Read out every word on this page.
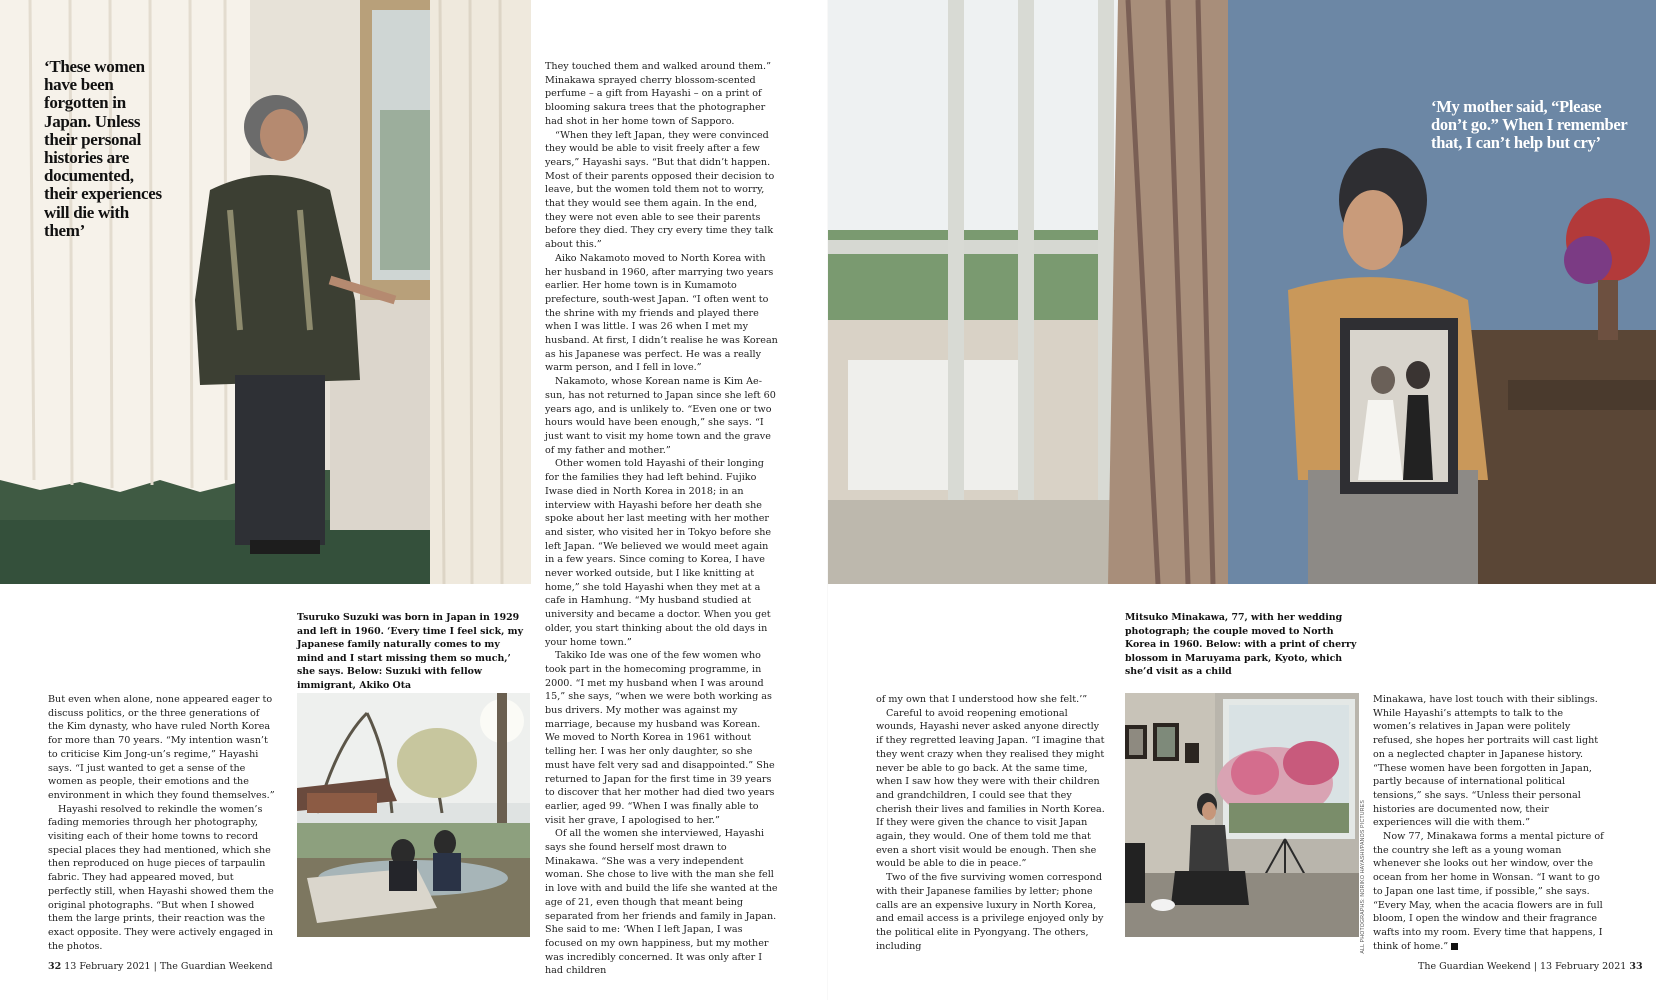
‘These women have been forgotten in Japan. Unless their personal histories are documented, their experiences will die with them’
‘My mother said, “Please don’t go.” When I remember that, I can’t help but cry’
Tsuruko Suzuki was born in Japan in 1929 and left in 1960. ‘Every time I feel sick, my Japanese family naturally comes to my mind and I start missing them so much,’ she says. Below: Suzuki with fellow immigrant, Akiko Ota
Mitsuko Minakawa, 77, with her wedding photograph; the couple moved to North Korea in 1960. Below: with a print of cherry blossom in Maruyama park, Kyoto, which she’d visit as a child
ALL PHOTOGRAPHS: NORIKO HAYASHI/PANOS PICTURES

But even when alone, none appeared eager to discuss politics, or the three generations of the Kim dynasty, who have ruled North Korea for more than 70 years. “My intention wasn’t to criticise Kim Jong-un’s regime,” Hayashi says. “I just wanted to get a sense of the women as people, their emotions and the environment in which they found themselves.”

Hayashi resolved to rekindle the women’s fading memories through her photography, visiting each of their home towns to record special places they had mentioned, which she then reproduced on huge pieces of tarpaulin fabric. They had appeared moved, but perfectly still, when Hayashi showed them the original photographs. “But when I showed them the large prints, their reaction was the exact opposite. They were actively engaged in the photos.

They touched them and walked around them.” Minakawa sprayed cherry blossom-scented perfume – a gift from Hayashi – on a print of blooming sakura trees that the photographer had shot in her home town of Sapporo.

“When they left Japan, they were convinced they would be able to visit freely after a few years,” Hayashi says. “But that didn’t happen. Most of their parents opposed their decision to leave, but the women told them not to worry, that they would see them again. In the end, they were not even able to see their parents before they died. They cry every time they talk about this.”

Aiko Nakamoto moved to North Korea with her husband in 1960, after marrying two years earlier. Her home town is in Kumamoto prefecture, south-west Japan. “I often went to the shrine with my friends and played there when I was little. I was 26 when I met my husband. At first, I didn’t realise he was Korean as his Japanese was perfect. He was a really warm person, and I fell in love.”

Nakamoto, whose Korean name is Kim Ae-sun, has not returned to Japan since she left 60 years ago, and is unlikely to. “Even one or two hours would have been enough,” she says. “I just want to visit my home town and the grave of my father and mother.”

Other women told Hayashi of their longing for the families they had left behind. Fujiko Iwase died in North Korea in 2018; in an interview with Hayashi before her death she spoke about her last meeting with her mother and sister, who visited her in Tokyo before she left Japan. “We believed we would meet again in a few years. Since coming to Korea, I have never worked outside, but I like knitting at home,” she told Hayashi when they met at a cafe in Hamhung. “My husband studied at university and became a doctor. When you get older, you start thinking about the old days in your home town.”

Takiko Ide was one of the few women who took part in the homecoming programme, in 2000. “I met my husband when I was around 15,” she says, “when we were both working as bus drivers. My mother was against my marriage, because my husband was Korean. We moved to North Korea in 1961 without telling her. I was her only daughter, so she must have felt very sad and disappointed.” She returned to Japan for the first time in 39 years to discover that her mother had died two years earlier, aged 99. “When I was finally able to visit her grave, I apologised to her.”

Of all the women she interviewed, Hayashi says she found herself most drawn to Minakawa. “She was a very independent woman. She chose to live with the man she fell in love with and build the life she wanted at the age of 21, even though that meant being separated from her friends and family in Japan. She said to me: ‘When I left Japan, I was focused on my own happiness, but my mother was incredibly concerned. It was only after I had children

of my own that I understood how she felt.’”

Careful to avoid reopening emotional wounds, Hayashi never asked anyone directly if they regretted leaving Japan. “I imagine that they went crazy when they realised they might never be able to go back. At the same time, when I saw how they were with their children and grandchildren, I could see that they cherish their lives and families in North Korea. If they were given the chance to visit Japan again, they would. One of them told me that even a short visit would be enough. Then she would be able to die in peace.”

Two of the five surviving women correspond with their Japanese families by letter; phone calls are an expensive luxury in North Korea, and email access is a privilege enjoyed only by the political elite in Pyongyang. The others, including

Minakawa, have lost touch with their siblings. While Hayashi’s attempts to talk to the women’s relatives in Japan were politely refused, she hopes her portraits will cast light on a neglected chapter in Japanese history. “These women have been forgotten in Japan, partly because of international political tensions,” she says. “Unless their personal histories are documented now, their experiences will die with them.”

Now 77, Minakawa forms a mental picture of the country she left as a young woman whenever she looks out her window, over the ocean from her home in Wonsan. “I want to go to Japan one last time, if possible,” she says. “Every May, when the acacia flowers are in full bloom, I open the window and their fragrance wafts into my room. Every time that happens, I think of home.”

32 13 February 2021 | The Guardian Weekend	The Guardian Weekend | 13 February 2021 33
